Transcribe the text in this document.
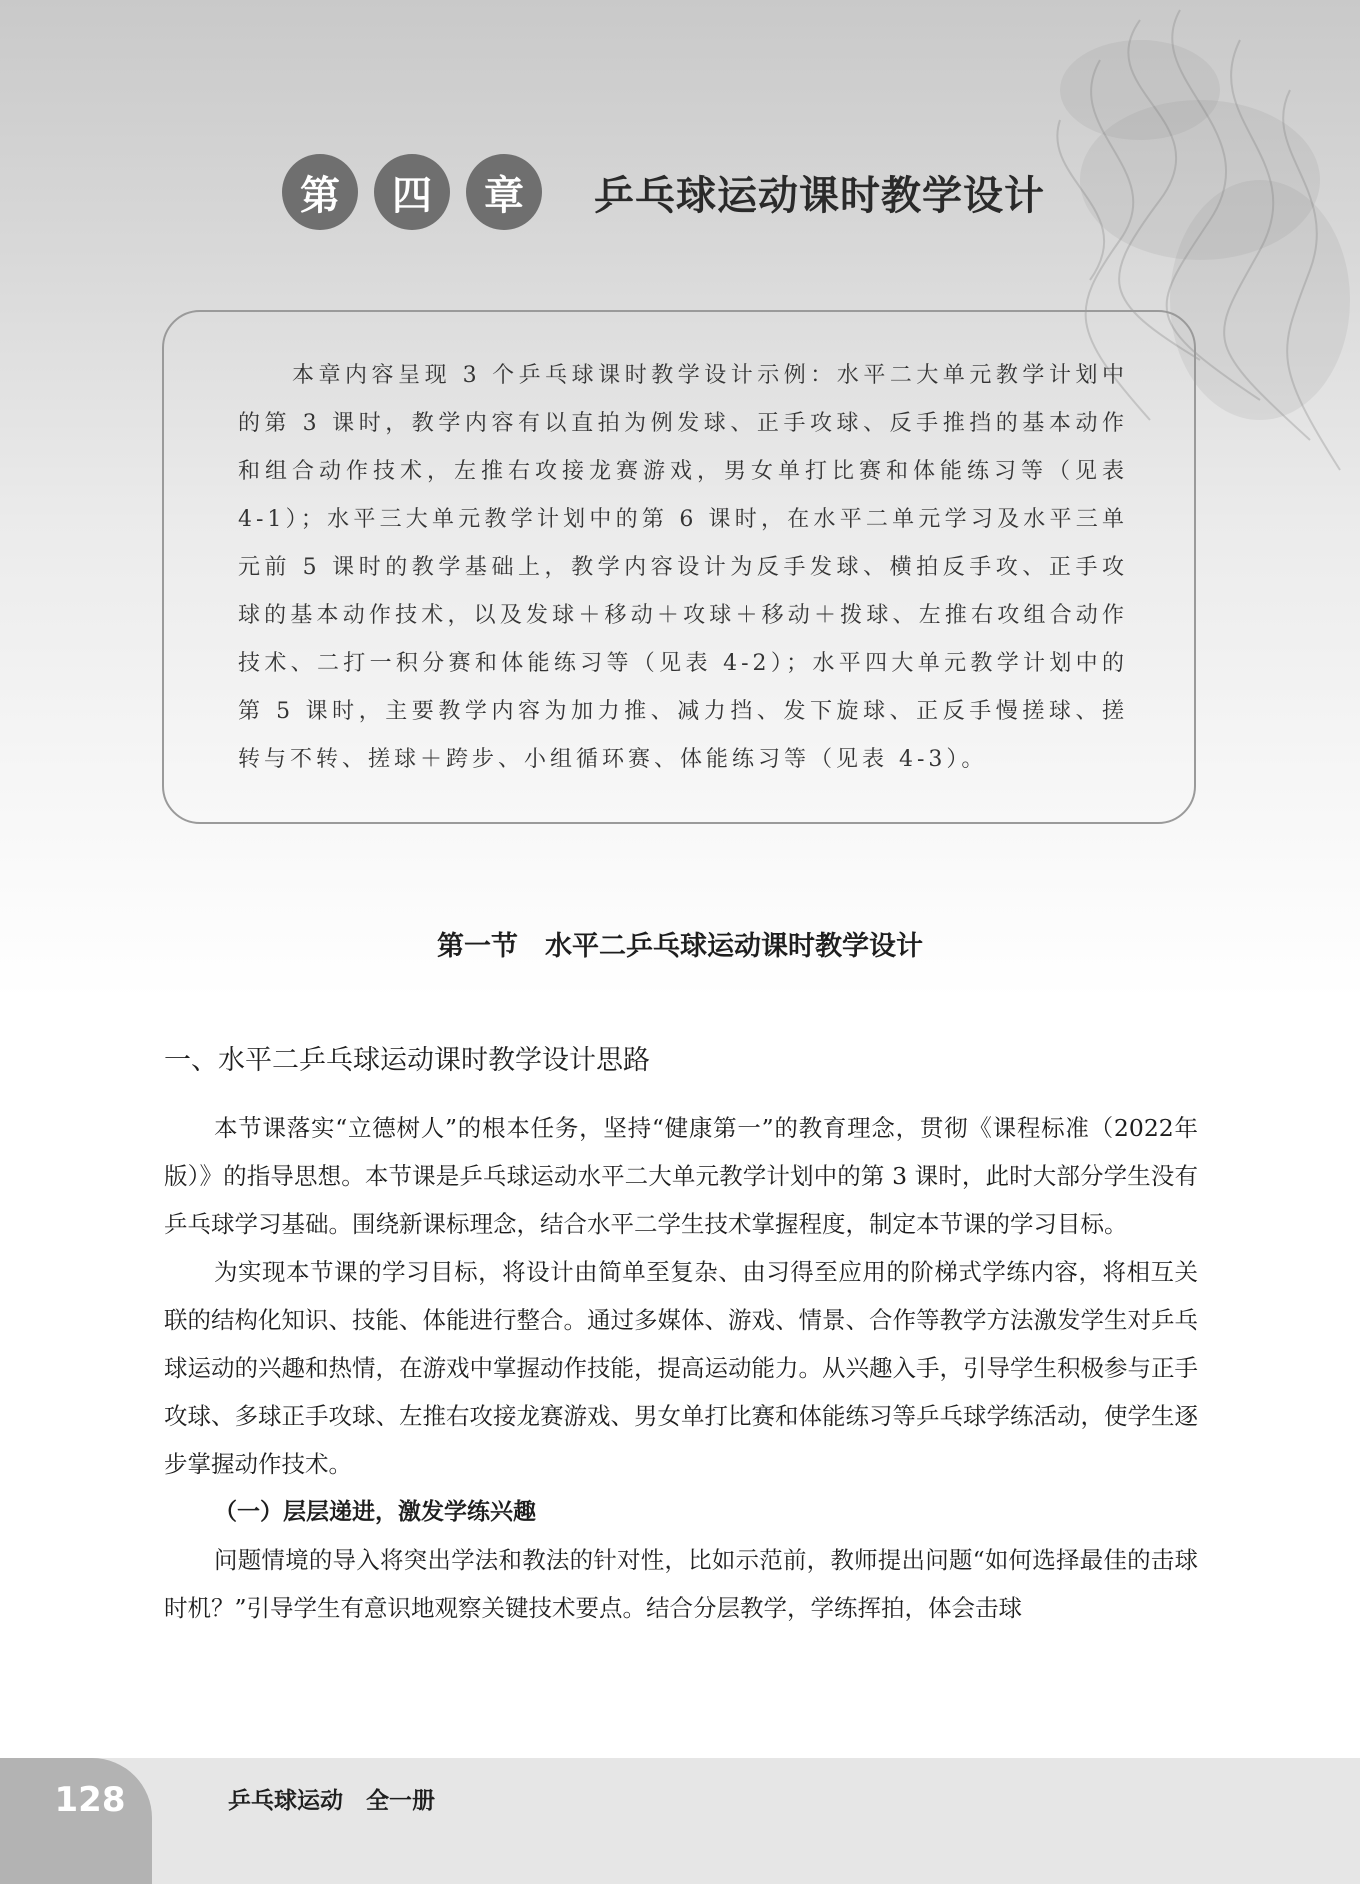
第	四	章	乒乓球运动课时教学设计
本章内容呈现 3 个乒乓球课时教学设计示例：水平二大单元教学计划中的第 3 课时，教学内容有以直拍为例发球、正手攻球、反手推挡的基本动作和组合动作技术，左推右攻接龙赛游戏，男女单打比赛和体能练习等（见表 4-1）；水平三大单元教学计划中的第 6 课时，在水平二单元学习及水平三单元前 5 课时的教学基础上，教学内容设计为反手发球、横拍反手攻、正手攻球的基本动作技术，以及发球＋移动＋攻球＋移动＋拨球、左推右攻组合动作技术、二打一积分赛和体能练习等（见表 4-2）；水平四大单元教学计划中的第 5 课时，主要教学内容为加力推、减力挡、发下旋球、正反手慢搓球、搓转与不转、搓球＋跨步、小组循环赛、体能练习等（见表 4-3）。
第一节　水平二乒乓球运动课时教学设计
一、水平二乒乓球运动课时教学设计思路

本节课落实“立德树人”的根本任务，坚持“健康第一”的教育理念，贯彻《课程标准（2022年版）》的指导思想。本节课是乒乓球运动水平二大单元教学计划中的第 3 课时，此时大部分学生没有乒乓球学习基础。围绕新课标理念，结合水平二学生技术掌握程度，制定本节课的学习目标。

为实现本节课的学习目标，将设计由简单至复杂、由习得至应用的阶梯式学练内容，将相互关联的结构化知识、技能、体能进行整合。通过多媒体、游戏、情景、合作等教学方法激发学生对乒乓球运动的兴趣和热情，在游戏中掌握动作技能，提高运动能力。从兴趣入手，引导学生积极参与正手攻球、多球正手攻球、左推右攻接龙赛游戏、男女单打比赛和体能练习等乒乓球学练活动，使学生逐步掌握动作技术。

（一）层层递进，激发学练兴趣

问题情境的导入将突出学法和教法的针对性，比如示范前，教师提出问题“如何选择最佳的击球时机？”引导学生有意识地观察关键技术要点。结合分层教学，学练挥拍，体会击球

128	乒乓球运动　全一册
